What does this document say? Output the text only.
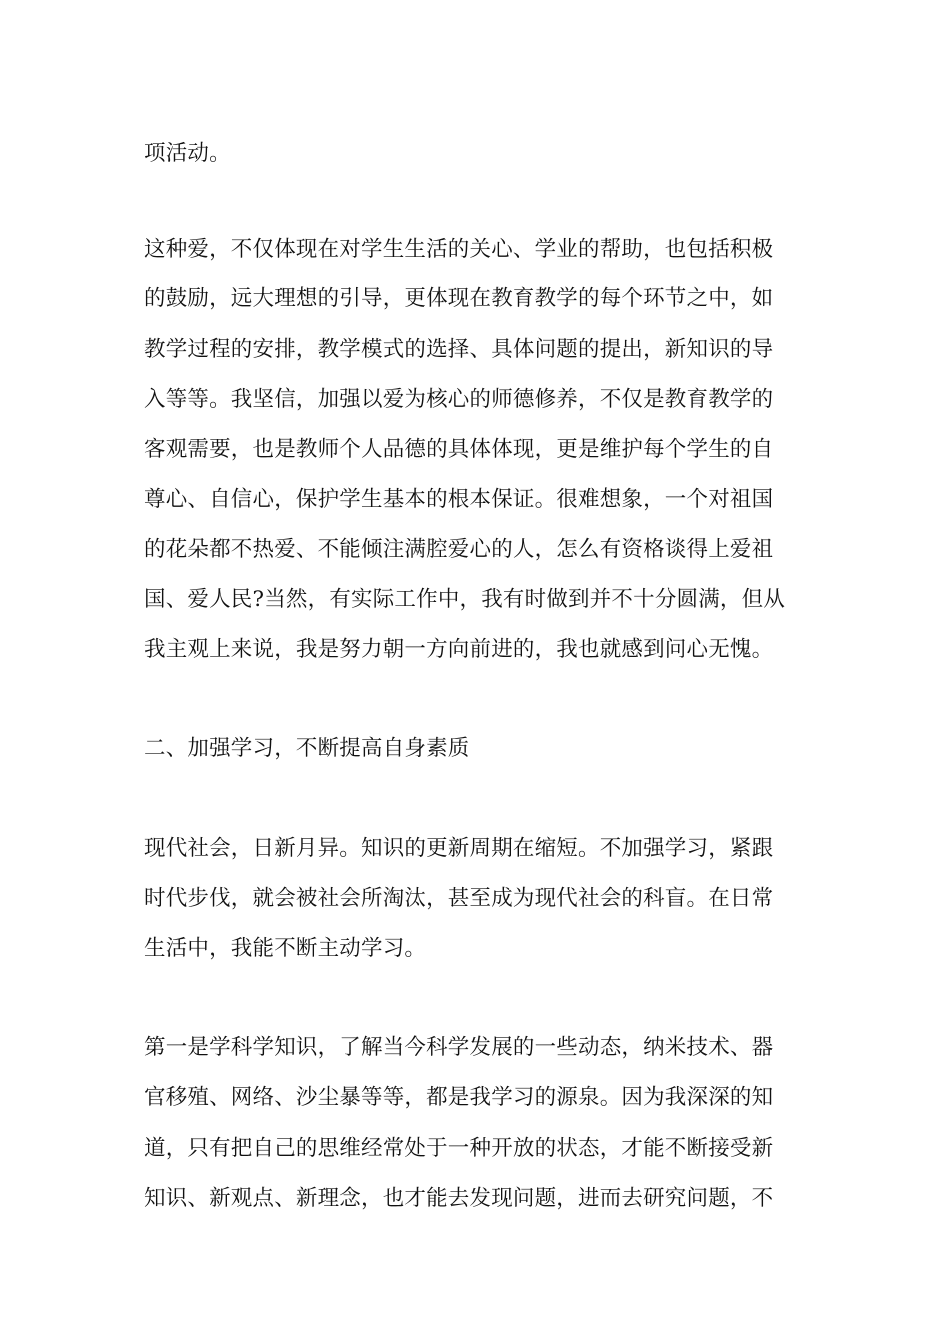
项活动。
这种爱，不仅体现在对学生生活的关心、学业的帮助，也包括积极
的鼓励，远大理想的引导，更体现在教育教学的每个环节之中，如
教学过程的安排，教学模式的选择、具体问题的提出，新知识的导
入等等。我坚信，加强以爱为核心的师德修养，不仅是教育教学的
客观需要，也是教师个人品德的具体体现，更是维护每个学生的自
尊心、自信心，保护学生基本的根本保证。很难想象，一个对祖国
的花朵都不热爱、不能倾注满腔爱心的人，怎么有资格谈得上爱祖
国、爱人民?当然，有实际工作中，我有时做到并不十分圆满，但从
我主观上来说，我是努力朝一方向前进的，我也就感到问心无愧。
二、加强学习，不断提高自身素质
现代社会，日新月异。知识的更新周期在缩短。不加强学习，紧跟
时代步伐，就会被社会所淘汰，甚至成为现代社会的科盲。在日常
生活中，我能不断主动学习。
第一是学科学知识，了解当今科学发展的一些动态，纳米技术、器
官移殖、网络、沙尘暴等等，都是我学习的源泉。因为我深深的知
道，只有把自己的思维经常处于一种开放的状态，才能不断接受新
知识、新观点、新理念，也才能去发现问题，进而去研究问题，不
